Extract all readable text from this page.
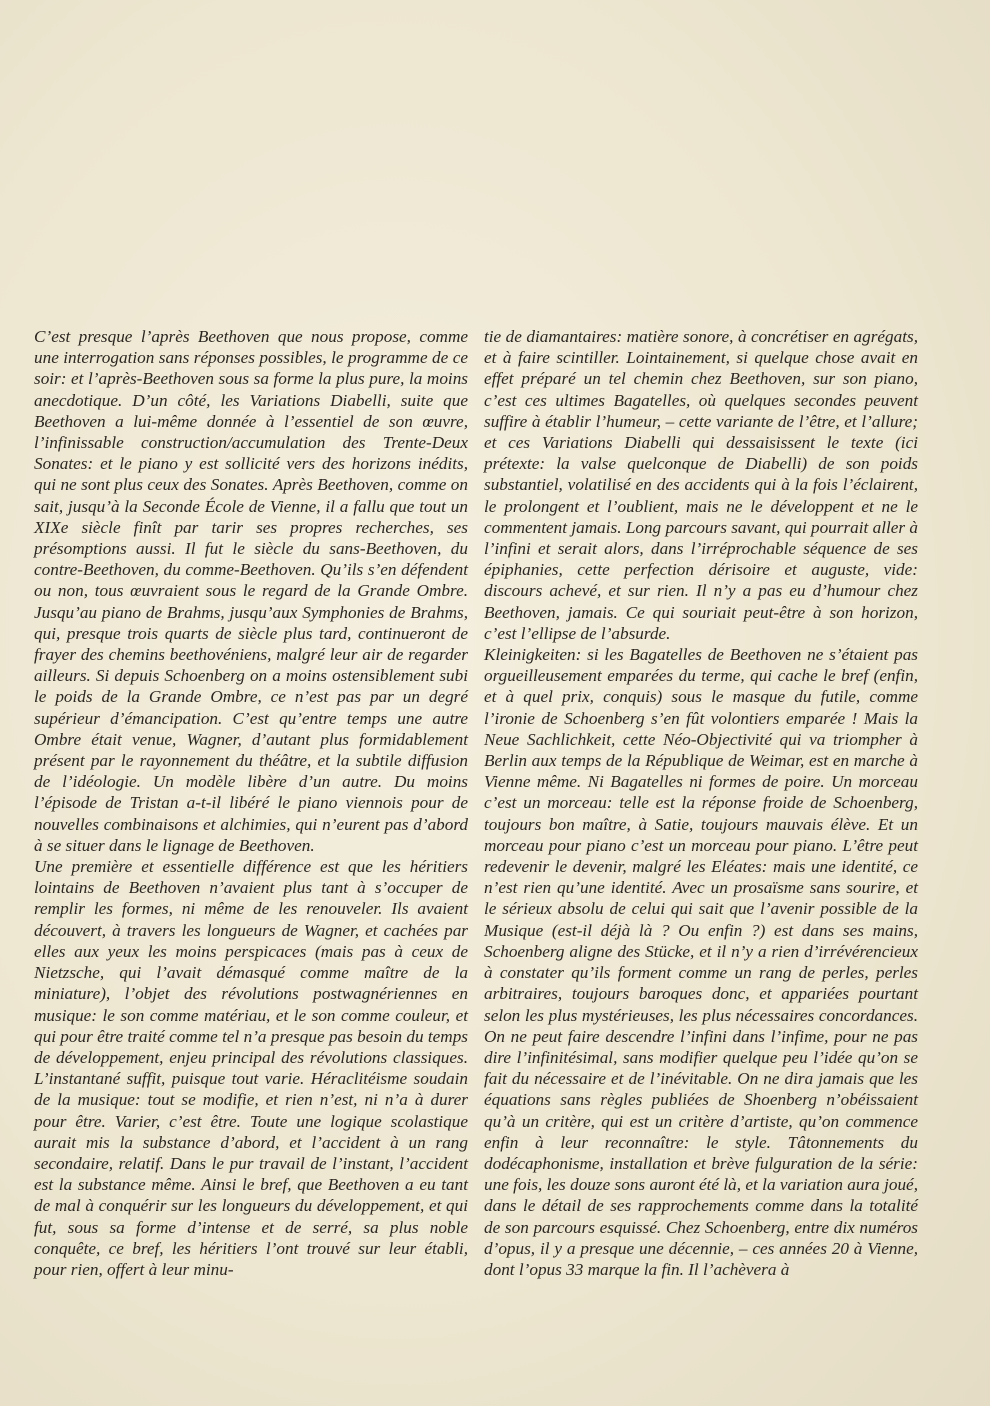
C’est presque l’après Beethoven que nous propose, comme une interrogation sans réponses possibles, le programme de ce soir: et l’après-Beethoven sous sa forme la plus pure, la moins anecdotique. D’un côté, les Variations Diabelli, suite que Beethoven a lui-même donnée à l’essentiel de son œuvre, l’infinissable construction/accumulation des Trente-Deux Sonates: et le piano y est sollicité vers des horizons inédits, qui ne sont plus ceux des Sonates. Après Beethoven, comme on sait, jusqu’à la Seconde École de Vienne, il a fallu que tout un XIXe siècle finît par tarir ses propres recherches, ses présomptions aussi. Il fut le siècle du sans-Beethoven, du contre-Beethoven, du comme-Beethoven. Qu’ils s’en défendent ou non, tous œuvraient sous le regard de la Grande Ombre. Jusqu’au piano de Brahms, jusqu’aux Symphonies de Brahms, qui, presque trois quarts de siècle plus tard, continueront de frayer des chemins beethovéniens, malgré leur air de regarder ailleurs. Si depuis Schoenberg on a moins ostensiblement subi le poids de la Grande Ombre, ce n’est pas par un degré supérieur d’émancipation. C’est qu’entre temps une autre Ombre était venue, Wagner, d’autant plus formidablement présent par le rayonnement du théâtre, et la subtile diffusion de l’idéologie. Un modèle libère d’un autre. Du moins l’épisode de Tristan a-t-il libéré le piano viennois pour de nouvelles combinaisons et alchimies, qui n’eurent pas d’abord à se situer dans le lignage de Beethoven.

Une première et essentielle différence est que les héritiers lointains de Beethoven n’avaient plus tant à s’occuper de remplir les formes, ni même de les renouveler. Ils avaient découvert, à travers les longueurs de Wagner, et cachées par elles aux yeux les moins perspicaces (mais pas à ceux de Nietzsche, qui l’avait démasqué comme maître de la miniature), l’objet des révolutions postwagnériennes en musique: le son comme matériau, et le son comme couleur, et qui pour être traité comme tel n’a presque pas besoin du temps de développement, enjeu principal des révolutions classiques. L’instantané suffit, puisque tout varie. Héraclitéisme soudain de la musique: tout se modifie, et rien n’est, ni n’a à durer pour être. Varier, c’est être. Toute une logique scolastique aurait mis la substance d’abord, et l’accident à un rang secondaire, relatif. Dans le pur travail de l’instant, l’accident est la substance même. Ainsi le bref, que Beethoven a eu tant de mal à conquérir sur les longueurs du développement, et qui fut, sous sa forme d’intense et de serré, sa plus noble conquête, ce bref, les héritiers l’ont trouvé sur leur établi, pour rien, offert à leur minu-

tie de diamantaires: matière sonore, à concrétiser en agrégats, et à faire scintiller. Lointainement, si quelque chose avait en effet préparé un tel chemin chez Beethoven, sur son piano, c’est ces ultimes Bagatelles, où quelques secondes peuvent suffire à établir l’humeur, – cette variante de l’être, et l’allure; et ces Variations Diabelli qui dessaisissent le texte (ici prétexte: la valse quelconque de Diabelli) de son poids substantiel, volatilisé en des accidents qui à la fois l’éclairent, le prolongent et l’oublient, mais ne le développent et ne le commentent jamais. Long parcours savant, qui pourrait aller à l’infini et serait alors, dans l’irréprochable séquence de ses épiphanies, cette perfection dérisoire et auguste, vide: discours achevé, et sur rien. Il n’y a pas eu d’humour chez Beethoven, jamais. Ce qui souriait peut-être à son horizon, c’est l’ellipse de l’absurde.

Kleinigkeiten: si les Bagatelles de Beethoven ne s’étaient pas orgueilleusement emparées du terme, qui cache le bref (enfin, et à quel prix, conquis) sous le masque du futile, comme l’ironie de Schoenberg s’en fût volontiers emparée ! Mais la Neue Sachlichkeit, cette Néo-Objectivité qui va triompher à Berlin aux temps de la République de Weimar, est en marche à Vienne même. Ni Bagatelles ni formes de poire. Un morceau c’est un morceau: telle est la réponse froide de Schoenberg, toujours bon maître, à Satie, toujours mauvais élève. Et un morceau pour piano c’est un morceau pour piano. L’être peut redevenir le devenir, malgré les Eléates: mais une identité, ce n’est rien qu’une identité. Avec un prosaïsme sans sourire, et le sérieux absolu de celui qui sait que l’avenir possible de la Musique (est-il déjà là ? Ou enfin ?) est dans ses mains, Schoenberg aligne des Stücke, et il n’y a rien d’irrévérencieux à constater qu’ils forment comme un rang de perles, perles arbitraires, toujours baroques donc, et appariées pourtant selon les plus mystérieuses, les plus nécessaires concordances. On ne peut faire descendre l’infini dans l’infime, pour ne pas dire l’infinitésimal, sans modifier quelque peu l’idée qu’on se fait du nécessaire et de l’inévitable. On ne dira jamais que les équations sans règles publiées de Shoenberg n’obéissaient qu’à un critère, qui est un critère d’artiste, qu’on commence enfin à leur reconnaître: le style. Tâtonnements du dodécaphonisme, installation et brève fulguration de la série: une fois, les douze sons auront été là, et la variation aura joué, dans le détail de ses rapprochements comme dans la totalité de son parcours esquissé. Chez Schoenberg, entre dix numéros d’opus, il y a presque une décennie, – ces années 20 à Vienne, dont l’opus 33 marque la fin. Il l’achèvera à
